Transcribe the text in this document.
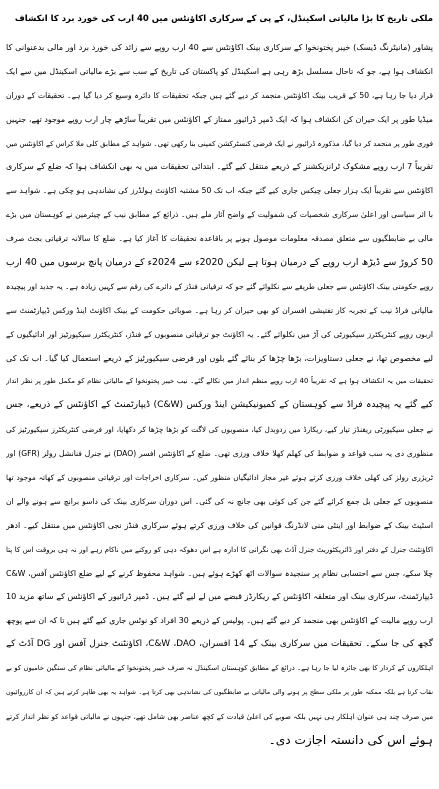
ملکی تاریخ کا بڑا مالیاتی اسکینڈل، کے پی کے سرکاری اکاؤنٹس میں 40 ارب کی خورد برد کا انکشاف
پشاور (مانیٹرنگ ڈیسک) خیبر پختونخوا کے سرکاری بینک اکاؤنٹس سے 40 ارب روپے سے زائد کی خورد برد اور مالی بدعنوانی کا
انکشاف ہوا ہے، جو کہ تاحال مسلسل بڑھ رہی ہے اسکینڈل کو پاکستان کی تاریخ کے سب سے بڑے مالیاتی اسکینڈل میں سے ایک
قرار دیا جا رہا ہے، 50 کے قریب بینک اکاؤنٹس منجمد کر دیے گئے ہیں جبکہ تحقیقات کا دائرہ وسیع کر دیا گیا ہے۔ تحقیقات کے دوران
میڈیا طور پر ایک حیران کن انکشاف ہوا کہ ایک ڈمپر ڈرائیور ممتاز کے اکاؤنٹس میں تقریباً ساڑھے چار ارب روپے موجود تھے، جنہیں
فوری طور پر منجمد کر دیا گیا، مذکورہ ڈرائیور نے ایک فرضی کنسٹرکشن کمپنی بنا رکھی تھی۔ شواہد کے مطابق کلی ملا کراس کے اکاؤنٹس میں
تقریباً 7 ارب روپے مشکوک ٹرانزیکشنز کے ذریعے منتقل کیے گئے۔ ابتدائی تحقیقات میں یہ بھی انکشاف ہوا کہ ضلع کے سرکاری
اکاؤنٹس سے تقریباً ایک ہزار جعلی چیکس جاری کیے گئے جبکہ اب تک 50 مشتبہ اکاؤنٹ ہولڈرز کی نشاندہی ہو چکی ہے۔ شواہد سے
با اثر سیاسی اور اعلیٰ سرکاری شخصیات کی شمولیت کے واضح آثار ملے ہیں۔ ذرائع کے مطابق نیب کے چیئرمین نے کوہستان میں بڑے
مالی بے ضابطگیوں سے متعلق مصدقہ معلومات موصول ہونے پر باقاعدہ تحقیقات کا آغاز کیا ہے۔ ضلع کا سالانہ ترقیاتی بجٹ صرف
50 کروڑ سے ڈیڑھ ارب روپے کے درمیان ہوتا ہے لیکن 2020ء سے 2024ء کے درمیان پانچ برسوں میں 40 ارب
روپے حکومتی بینک اکاؤنٹس سے جعلی طریقے سے نکلوائے گئے جو کہ ترقیاتی فنڈز کے دائرے کی رقم سے کہیں زیادہ ہے۔ یہ جدید اور پیچیدہ
مالیاتی فراڈ نیب کے تجربہ کار تفتیشی افسران کو بھی حیران کر رہا ہے۔ صوبائی حکومت کے بینک اکاؤنٹ اینڈ ورکس ڈیپارٹمنٹ سے
اربوں روپے کنٹریکٹرز سیکیورٹی کی آڑ میں نکلوائے گئے۔ یہ اکاؤنٹ جو ترقیاتی منصوبوں کے فنڈز، کنٹریکٹرز سیکیورٹیز اور ادائیگیوں کے
لیے مخصوص تھا، نے جعلی دستاویزات، بڑھا چڑھا کر بنائے گئے بلوں اور فرضی سیکیورٹیز کے ذریعے استعمال کیا گیا۔ اب تک کی
تحقیقات میں یہ انکشاف ہوا ہے کہ تقریباً 40 ارب روپے منظم انداز میں نکالے گئے۔ نیب خیبر پختونخوا کے مالیاتی نظام کو مکمل طور پر نظر انداز
کیے گئے یہ پیچیدہ فراڈ سے کوہستان کے کمیونیکیشن اینڈ ورکس (C&W) ڈیپارٹمنٹ کے اکاؤنٹس کے ذریعے، جس
نے جعلی سیکیورٹی ریفنڈز تیار کیے، ریکارڈ میں ردوبدل کیا، منصوبوں کی لاگت کو بڑھا چڑھا کر دکھایا، اور فرضی کنٹریکٹرز سیکیورٹیز کی
منظوری دی یہ سب قواعد و ضوابط کی کھلم کھلا خلاف ورزی تھی۔ ضلع کے اکاؤنٹس افسر (DAO) نے جنرل فنانشل رولز (GFR) اور
ٹریژری رولز کی کھلی خلاف ورزی کرتے ہوئے غیر مجاز ادائیگیاں منظور کیں۔ سرکاری اخراجات اور ترقیاتی منصوبوں کے کھاتہ موجود تھا
منصوبوں کے جعلی بل جمع کرائے گئے جن کی کوئی بھی جانچ نہ کی گئی۔ اس دوران سرکاری بینک کی داسو برانچ سے ہونے والے ان
اسٹیٹ بینک کے ضوابط اور اینٹی منی لانڈرنگ قوانین کی خلاف ورزی کرتے ہوئے سرکاری فنڈز نجی اکاؤنٹس میں منتقل کیے۔ ادھر
اکاؤنٹنٹ جنرل کے دفتر اور ڈائریکٹوریٹ جنرل آڈٹ بھی نگرانی کا ادارہ ہے اس دھوکہ دہی کو روکنے میں ناکام رہے اور نہ ہی بروقت اس کا پتا
چلا سکے، جس سے احتسابی نظام پر سنجیدہ سوالات اٹھ کھڑے ہوئے ہیں۔ شواہد محفوظ کرنے کے لیے ضلع اکاؤنٹس آفس، C&W
ڈیپارٹمنٹ، سرکاری بینک اور متعلقہ اکاؤنٹس کے ریکارڈز قبضے میں لے لیے گئے ہیں۔ ڈمپر ڈرائیور کے اکاؤنٹس کے ساتھ مزید 10
ارب روپے مالیت کے اکاؤنٹس بھی منجمد کر دیے گئے ہیں۔ پولیس کے ذریعے 30 افراد کو نوٹس جاری کیے گئے ہیں تا کہ ان سے پوچھ
گچھ کی جا سکے۔ تحقیقات میں سرکاری بینک کے 14 افسران، C&W ،DAO، اکاؤنٹنٹ جنرل آفس اور DG آڈٹ کے
اہلکاروں کے کردار کا بھی جائزہ لیا جا رہا ہے۔ ذرائع کے مطابق کوہستان اسکینڈل نہ صرف خیبر پختونخوا کے مالیاتی نظام کی سنگین خامیوں کو بے
نقاب کرتا ہے بلکہ ممکنہ طور پر ملکی سطح پر ہونے والی مالیاتی بے ضابطگیوں کی نشاندہی بھی کرتا ہے۔ شواہد یہ بھی ظاہر کرتے ہیں کہ ان کارروائیوں
میں صرف چند ہی عنوان اہلکار ہی نہیں بلکہ صوبے کی اعلیٰ قیادت کے کچھ عناصر بھی شامل تھے، جنہوں نے مالیاتی قواعد کو نظر انداز کرتے
ہوئے اس کی دانستہ اجازت دی۔
